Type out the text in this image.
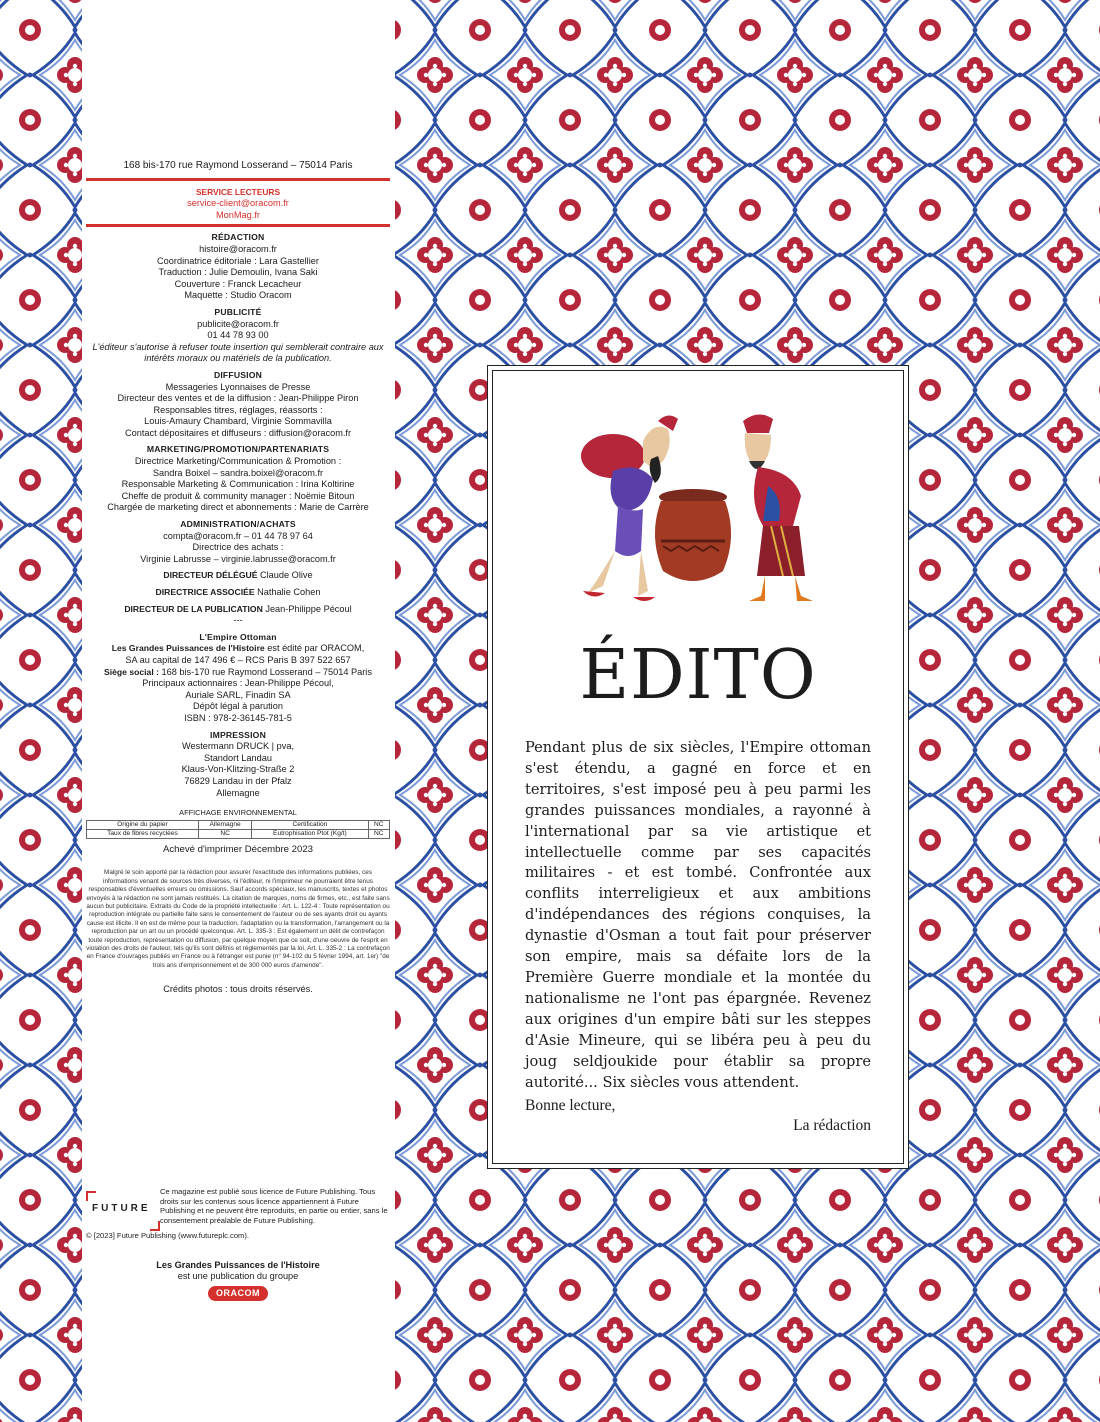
168 bis-170 rue Raymond Losserand – 75014 Paris
SERVICE LECTEURS
service-client@oracom.fr
MonMag.fr
RÉDACTION
histoire@oracom.fr
Coordinatrice éditoriale : Lara Gastellier
Traduction : Julie Demoulin, Ivana Saki
Couverture : Franck Lecacheur
Maquette : Studio Oracom
PUBLICITÉ
publicite@oracom.fr
01 44 78 93 00
L'éditeur s'autorise à refuser toute insertion qui semblerait contraire aux intérêts moraux ou matériels de la publication.
DIFFUSION
Messageries Lyonnaises de Presse
Directeur des ventes et de la diffusion : Jean-Philippe Piron
Responsables titres, réglages, réassorts :
Louis-Amaury Chambard, Virginie Sommavilla
Contact dépositaires et diffuseurs : diffusion@oracom.fr
MARKETING/PROMOTION/PARTENARIATS
Directrice Marketing/Communication & Promotion :
Sandra Boixel – sandra.boixel@oracom.fr
Responsable Marketing & Communication : Irina Koltirine
Cheffe de produit & community manager : Noëmie Bitoun
Chargée de marketing direct et abonnements : Marie de Carrère
ADMINISTRATION/ACHATS
compta@oracom.fr – 01 44 78 97 64
Directrice des achats :
Virginie Labrusse – virginie.labrusse@oracom.fr
DIRECTEUR DÉLÉGUÉ Claude Olive
DIRECTRICE ASSOCIÉE Nathalie Cohen
DIRECTEUR DE LA PUBLICATION Jean-Philippe Pécoul
---
L'Empire Ottoman
Les Grandes Puissances de l'Histoire est édité par ORACOM,
SA au capital de 147 496 € – RCS Paris B 397 522 657
Siège social : 168 bis-170 rue Raymond Losserand – 75014 Paris
Principaux actionnaires : Jean-Philippe Pécoul,
Auriale SARL, Finadin SA
Dépôt légal à parution
ISBN : 978-2-36145-781-5
IMPRESSION
Westermann DRUCK | pva,
Standort Landau
Klaus-Von-Klitzing-Straße 2
76829 Landau in der Pfalz
Allemagne
AFFICHAGE ENVIRONNEMENTAL
Origine du papier	Allemagne	Certification	NC
Taux de fibres recyclées	NC	Eutrophisation Ptot (Kg/t)	NC
Achevé d'imprimer Décembre 2023
Malgré le soin apporté par la rédaction pour assurer l'exactitude des informations publiées, ces informations venant de sources très diverses, ni l'éditeur, ni l'imprimeur ne pourraient être tenus responsables d'éventuelles erreurs ou omissions. Sauf accords spéciaux, les manuscrits, textes et photos envoyés à la rédaction ne sont jamais restitués. La citation de marques, noms de firmes, etc., est faite sans aucun but publicitaire. Extraits du Code de la propriété intellectuelle : Art. L. 122-4 : Toute représentation ou reproduction intégrale ou partielle faite sans le consentement de l'auteur ou de ses ayants droit ou ayants cause est illicite. Il en est de même pour la traduction, l'adaptation ou la transformation, l'arrangement ou la reproduction par un art ou un procédé quelconque. Art. L. 335-3 : Est également un délit de contrefaçon toute reproduction, représentation ou diffusion, par quelque moyen que ce soit, d'une oeuvre de l'esprit en violation des droits de l'auteur, tels qu'ils sont définis et réglementés par la loi. Art. L. 335-2 : La contrefaçon en France d'ouvrages publiés en France ou à l'étranger est punie (n° 94-102 du 5 février 1994, art. 1er) "de trois ans d'emprisonnement et de 300 000 euros d'amende".
Crédits photos : tous droits réservés.
FUTURE
Ce magazine est publié sous licence de Future Publishing. Tous droits sur les contenus sous licence appartiennent à Future Publishing et ne peuvent être reproduits, en partie ou entier, sans le consentement préalable de Future Publishing.
© [2023] Future Publishing (www.futureplc.com).
Les Grandes Puissances de l'Histoire
est une publication du groupe
ORACOM
ÉDITO
Pendant plus de six siècles, l'Empire ottoman s'est étendu, a gagné en force et en territoires, s'est imposé peu à peu parmi les grandes puissances mondiales, a rayonné à l'international par sa vie artistique et intellectuelle comme par ses capacités militaires - et est tombé. Confrontée aux conflits interreligieux et aux ambitions d'indépendances des régions conquises, la dynastie d'Osman a tout fait pour préserver son empire, mais sa défaite lors de la Première Guerre mondiale et la montée du nationalisme ne l'ont pas épargnée. Revenez aux origines d'un empire bâti sur les steppes d'Asie Mineure, qui se libéra peu à peu du joug seldjoukide pour établir sa propre autorité... Six siècles vous attendent.
Bonne lecture,
La rédaction
